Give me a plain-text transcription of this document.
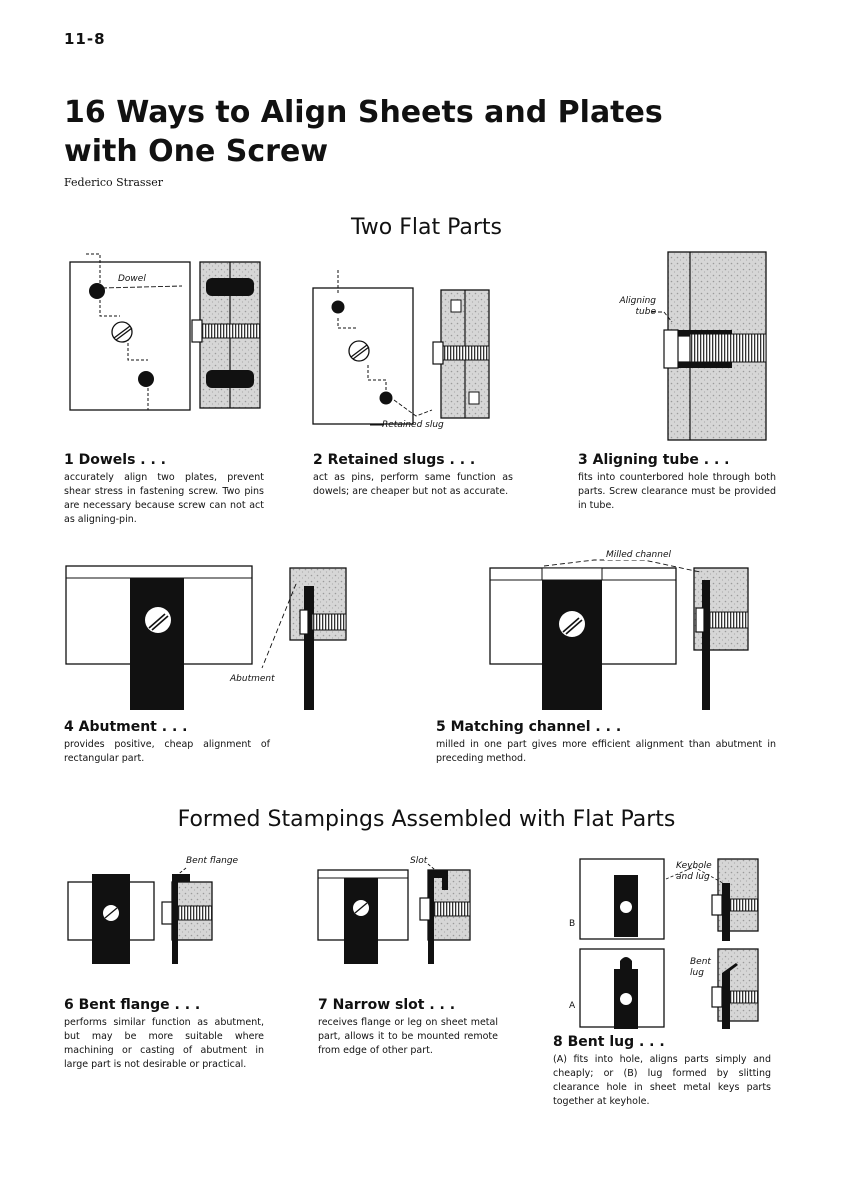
11-8
16 Ways to Align Sheets and Plates
with One Screw
Federico Strasser
Two Flat Parts
Dowel
Retained slug
Aligning tube
1 Dowels . . .

accurately align two plates, prevent shear stress in fastening screw. Two pins are necessary because screw can not act as aligning-pin.

2 Retained slugs . . .

act as pins, perform same function as dowels; are cheaper but not as accurate.

3 Aligning tube . . .

fits into counterbored hole through both parts. Screw clearance must be provided in tube.

Abutment
Milled channel
4 Abutment . . .

provides positive, cheap alignment of rectangular part.

5 Matching channel . . .

milled in one part gives more efficient alignment than abutment in preceding method.

Formed Stampings Assembled with Flat Parts
Bent flange	Slot	Keyhole and lug
Bent lug
B
A
6 Bent flange . . .

performs similar function as abutment, but may be more suitable where machining or casting of abutment in large part is not desirable or practical.

7 Narrow slot . . .

receives flange or leg on sheet metal part, allows it to be mounted remote from edge of other part.

8 Bent lug . . .

(A) fits into hole, aligns parts simply and cheaply; or (B) lug formed by slitting clearance hole in sheet metal keys parts together at keyhole.
